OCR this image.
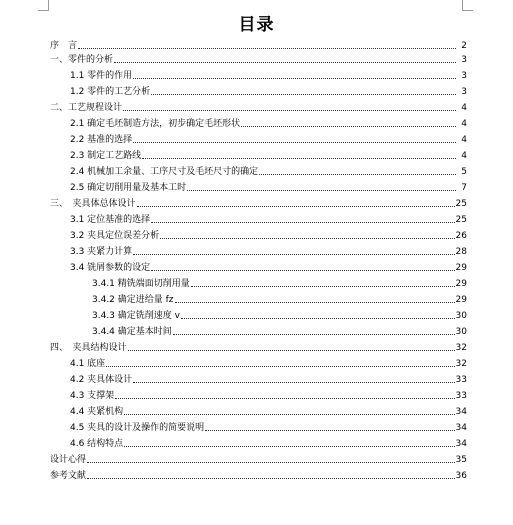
目录
序　言	2
一、零件的分析	3
1.1 零件的作用	3
1.2 零件的工艺分析	3
二、工艺规程设计	4
2.1 确定毛坯制造方法，初步确定毛坯形状	4
2.2 基准的选择	4
2.3 制定工艺路线	4
2.4 机械加工余量、工序尺寸及毛坯尺寸的确定	5
2.5 确定切削用量及基本工时	7
三、　夹具体总体设计	25
3.1 定位基准的选择	25
3.2 夹具定位误差分析	26
3.3 夹紧力计算	28
3.4 铣屑参数的设定	29
3.4.1 精铣端面切削用量	29
3.4.2 确定进给量 fz	29
3.4.3 确定铣削速度 v	30
3.4.4 确定基本时间	30
四、　夹具结构设计	32
4.1 底座	32
4.2 夹具体设计	33
4.3 支撑架	33
4.4 夹紧机构	34
4.5 夹具的设计及操作的简要说明	34
4.6 结构特点	34
设计心得	35
参考文献	36
